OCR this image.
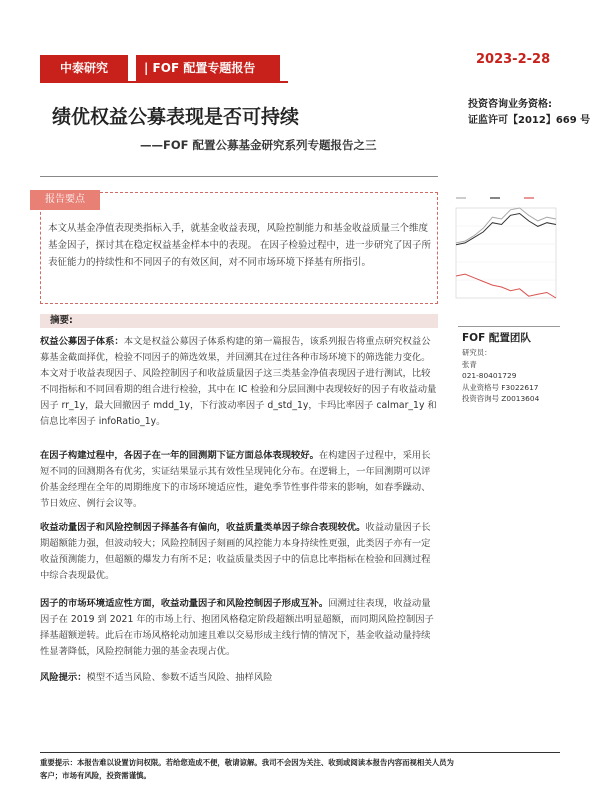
中泰研究	| FOF 配置专题报告
2023-2-28
绩优权益公募表现是否可持续
——FOF 配置公募基金研究系列专题报告之三
投资咨询业务资格:
证监许可【2012】669 号
报告要点
本文从基金净值表现类指标入手，就基金收益表现，风险控制能力和基金收益质量三个维度基金因子，探讨其在稳定权益基金样本中的表现。 在因子检验过程中，进一步研究了因子所表征能力的持续性和不同因子的有效区间，对不同市场环境下择基有所指引。
摘要:
权益公募因子体系：本文是权益公募因子体系构建的第一篇报告，该系列报告将重点研究权益公募基金截面择优，检验不同因子的筛选效果，并回溯其在过往各种市场环境下的筛选能力变化。本文对于收益表现因子、风险控制因子和收益质量因子这三类基金净值表现因子进行测试，比较不同指标和不同回看期的组合进行检验，其中在 IC 检验和分层回测中表现较好的因子有收益动量因子 rr_1y，最大回撤因子 mdd_1y，下行波动率因子 d_std_1y，卡玛比率因子 calmar_1y 和信息比率因子 infoRatio_1y。
在因子构建过程中，各因子在一年的回测期下证方面总体表现较好。在构建因子过程中，采用长短不同的回测期各有优劣，实证结果显示其有效性呈现钝化分布。在逻辑上，一年回测期可以评价基金经理在全年的周期维度下的市场环境适应性，避免季节性事件带来的影响，如春季躁动、节日效应、例行会议等。
收益动量因子和风险控制因子择基各有偏向，收益质量类单因子综合表现较优。收益动量因子长期超额能力强，但波动较大；风险控制因子刻画的风控能力本身持续性更强，此类因子亦有一定收益预测能力，但超额的爆发力有所不足；收益质量类因子中的信息比率指标在检验和回测过程中综合表现最优。
因子的市场环境适应性方面，收益动量因子和风险控制因子形成互补。回溯过往表现，收益动量因子在 2019 到 2021 年的市场上行、抱团风格稳定阶段超额出明显超额，而同期风险控制因子择基超额逆转。此后在市场风格轮动加速且难以交易形成主线行情的情况下，基金收益动量持续性显著降低，风险控制能力强的基金表现占优。
风险提示：模型不适当风险、参数不适当风险、抽样风险
FOF 配置团队
研究员：
张青
021-80401729
从业资格号 F3022617
投资咨询号 Z0013604
重要提示：本报告难以设置访问权限。若给您造成不便，敬请谅解。我司不会因为关注、收到或阅读本报告内容而视相关人员为
客户；市场有风险，投资需谨慎。
